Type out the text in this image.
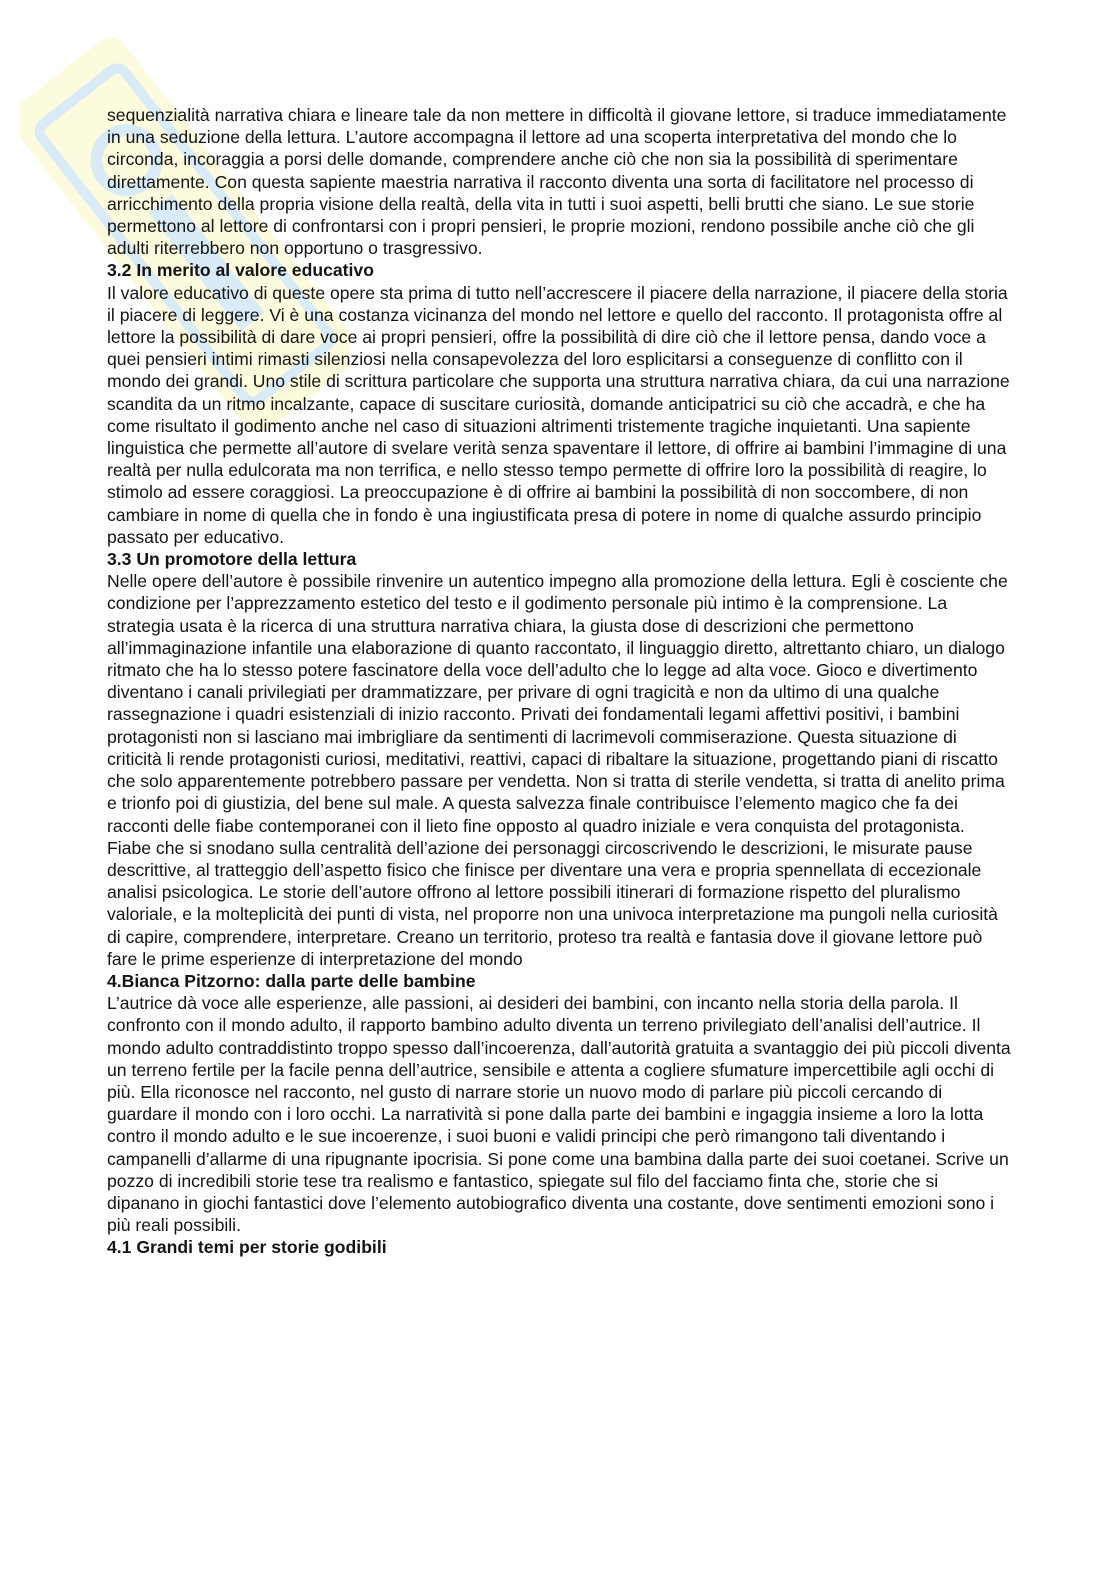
sequenzialità narrativa chiara e lineare tale da non mettere in difficoltà il giovane lettore, si traduce immediatamente in una seduzione della lettura. L’autore accompagna il lettore ad una scoperta interpretativa del mondo che lo circonda, incoraggia a porsi delle domande, comprendere anche ciò che non sia la possibilità di sperimentare direttamente. Con questa sapiente maestria narrativa il racconto diventa una sorta di facilitatore nel processo di arricchimento della propria visione della realtà, della vita in tutti i suoi aspetti, belli brutti che siano. Le sue storie permettono al lettore di confrontarsi con i propri pensieri, le proprie mozioni, rendono possibile anche ciò che gli adulti riterrebbero non opportuno o trasgressivo.

3.2 In merito al valore educativo

Il valore educativo di queste opere sta prima di tutto nell’accrescere il piacere della narrazione, il piacere della storia il piacere di leggere. Vi è una costanza vicinanza del mondo nel lettore e quello del racconto. Il protagonista offre al lettore la possibilità di dare voce ai propri pensieri, offre la possibilità di dire ciò che il lettore pensa, dando voce a quei pensieri intimi rimasti silenziosi nella consapevolezza del loro esplicitarsi a conseguenze di conflitto con il mondo dei grandi. Uno stile di scrittura particolare che supporta una struttura narrativa chiara, da cui una narrazione scandita da un ritmo incalzante, capace di suscitare curiosità, domande anticipatrici su ciò che accadrà, e che ha come risultato il godimento anche nel caso di situazioni altrimenti tristemente tragiche inquietanti. Una sapiente linguistica che permette all’autore di svelare verità senza spaventare il lettore, di offrire ai bambini l’immagine di una realtà per nulla edulcorata ma non terrifica, e nello stesso tempo permette di offrire loro la possibilità di reagire, lo stimolo ad essere coraggiosi. La preoccupazione è di offrire ai bambini la possibilità di non soccombere, di non cambiare in nome di quella che in fondo è una ingiustificata presa di potere in nome di qualche assurdo principio passato per educativo.

3.3 Un promotore della lettura

Nelle opere dell’autore è possibile rinvenire un autentico impegno alla promozione della lettura. Egli è cosciente che condizione per l’apprezzamento estetico del testo e il godimento personale più intimo è la comprensione. La strategia usata è la ricerca di una struttura narrativa chiara, la giusta dose di descrizioni che permettono all’immaginazione infantile una elaborazione di quanto raccontato, il linguaggio diretto, altrettanto chiaro, un dialogo ritmato che ha lo stesso potere fascinatore della voce dell’adulto che lo legge ad alta voce. Gioco e divertimento diventano i canali privilegiati per drammatizzare, per privare di ogni tragicità e non da ultimo di una qualche rassegnazione i quadri esistenziali di inizio racconto. Privati dei fondamentali legami affettivi positivi, i bambini protagonisti non si lasciano mai imbrigliare da sentimenti di lacrimevoli commiserazione. Questa situazione di criticità li rende protagonisti curiosi, meditativi, reattivi, capaci di ribaltare la situazione, progettando piani di riscatto che solo apparentemente potrebbero passare per vendetta. Non si tratta di sterile vendetta, si tratta di anelito prima e trionfo poi di giustizia, del bene sul male. A questa salvezza finale contribuisce l’elemento magico che fa dei racconti delle fiabe contemporanei con il lieto fine opposto al quadro iniziale e vera conquista del protagonista. Fiabe che si snodano sulla centralità dell’azione dei personaggi circoscrivendo le descrizioni, le misurate pause descrittive, al tratteggio dell’aspetto fisico che finisce per diventare una vera e propria spennellata di eccezionale analisi psicologica. Le storie dell’autore offrono al lettore possibili itinerari di formazione rispetto del pluralismo valoriale, e la molteplicità dei punti di vista, nel proporre non una univoca interpretazione ma pungoli nella curiosità di capire, comprendere, interpretare. Creano un territorio, proteso tra realtà e fantasia dove il giovane lettore può fare le prime esperienze di interpretazione del mondo

4.Bianca Pitzorno: dalla parte delle bambine

L’autrice dà voce alle esperienze, alle passioni, ai desideri dei bambini, con incanto nella storia della parola. Il confronto con il mondo adulto, il rapporto bambino adulto diventa un terreno privilegiato dell’analisi dell’autrice. Il mondo adulto contraddistinto troppo spesso dall’incoerenza, dall’autorità gratuita a svantaggio dei più piccoli diventa un terreno fertile per la facile penna dell’autrice, sensibile e attenta a cogliere sfumature impercettibile agli occhi di più. Ella riconosce nel racconto, nel gusto di narrare storie un nuovo modo di parlare più piccoli cercando di guardare il mondo con i loro occhi. La narratività si pone dalla parte dei bambini e ingaggia insieme a loro la lotta contro il mondo adulto e le sue incoerenze, i suoi buoni e validi principi che però rimangono tali diventando i campanelli d’allarme di una ripugnante ipocrisia. Si pone come una bambina dalla parte dei suoi coetanei. Scrive un pozzo di incredibili storie tese tra realismo e fantastico, spiegate sul filo del facciamo finta che, storie che si dipanano in giochi fantastici dove l’elemento autobiografico diventa una costante, dove sentimenti emozioni sono i più reali possibili.

4.1 Grandi temi per storie godibili
